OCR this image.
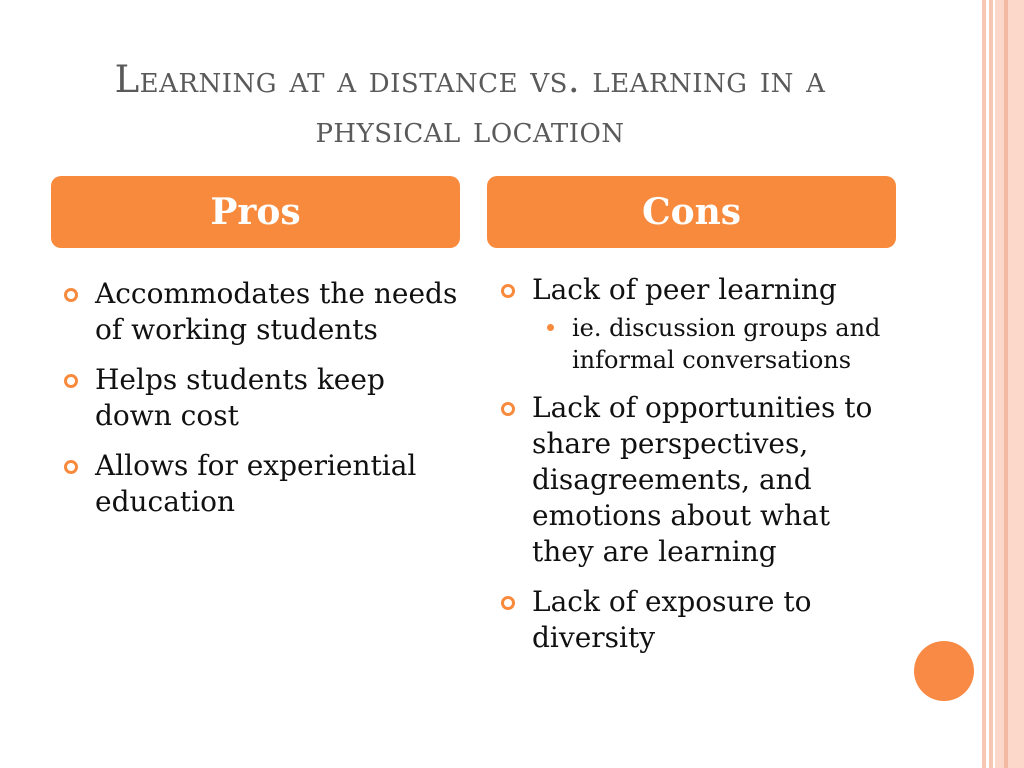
Learning at a distance vs. learning in a physical location
Pros	Cons
Accommodates the needs of working students
Helps students keep down cost
Allows for experiential education
Lack of peer learning
ie. discussion groups and informal conversations
Lack of opportunities to share perspectives, disagreements, and emotions about what they are learning
Lack of exposure to diversity
